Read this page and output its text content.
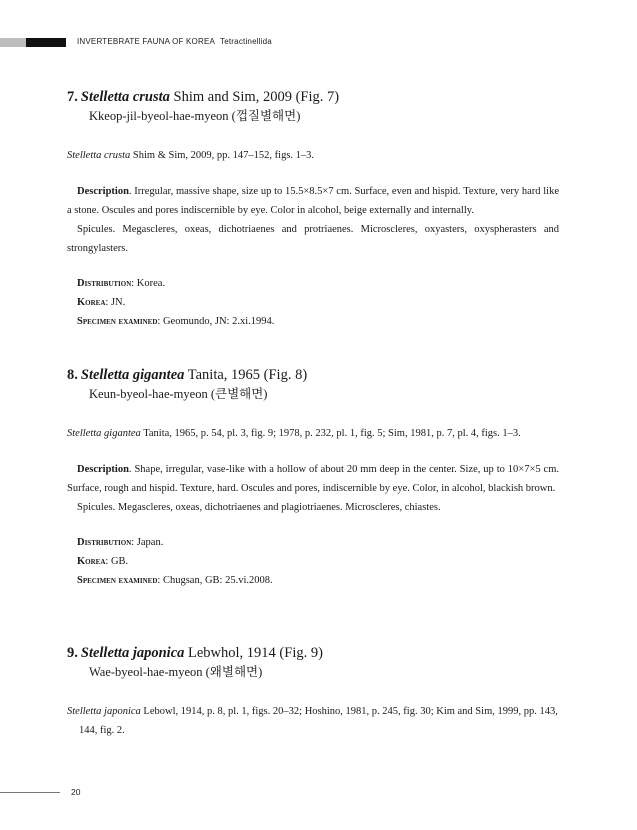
INVERTEBRATE FAUNA OF KOREA Tetractinellida
7. Stelletta crusta Shim and Sim, 2009 (Fig. 7)
Kkeop-jil-byeol-hae-myeon (껍질별해면)
Stelletta crusta Shim & Sim, 2009, pp. 147–152, figs. 1–3.

Description. Irregular, massive shape, size up to 15.5×8.5×7 cm. Surface, even and hispid. Texture, very hard like a stone. Oscules and pores indiscernible by eye. Color in alcohol, beige externally and internally.

Spicules. Megascleres, oxeas, dichotriaenes and protriaenes. Microscleres, oxyasters, oxyspherasters and strongylasters.

Distribution: Korea.
Korea: JN.
Specimen examined: Geomundo, JN: 2.xi.1994.
8. Stelletta gigantea Tanita, 1965 (Fig. 8)
Keun-byeol-hae-myeon (큰별해면)
Stelletta gigantea Tanita, 1965, p. 54, pl. 3, fig. 9; 1978, p. 232, pl. 1, fig. 5; Sim, 1981, p. 7, pl. 4, figs. 1–3.

Description. Shape, irregular, vase-like with a hollow of about 20 mm deep in the center. Size, up to 10×7×5 cm. Surface, rough and hispid. Texture, hard. Oscules and pores, indiscernible by eye. Color, in alcohol, blackish brown.

Spicules. Megascleres, oxeas, dichotriaenes and plagiotriaenes. Microscleres, chiastes.

Distribution: Japan.
Korea: GB.
Specimen examined: Chugsan, GB: 25.vi.2008.
9. Stelletta japonica Lebwhol, 1914 (Fig. 9)
Wae-byeol-hae-myeon (왜별해면)
Stelletta japonica Lebowl, 1914, p. 8, pl. 1, figs. 20–32; Hoshino, 1981, p. 245, fig. 30; Kim and Sim, 1999, pp. 143, 144, fig. 2.
20
